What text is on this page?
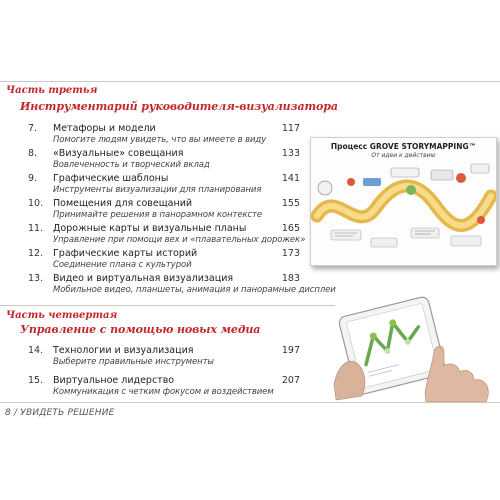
Часть третья
Инструментарий руководителя-визуализатора
7. Метафоры и модели
Помогите людям увидеть, что вы имеете в виду
117
8. «Визуальные» совещания
Вовлеченность и творческий вклад
133
9. Графические шаблоны
Инструменты визуализации для планирования
141
10. Помещения для совещаний
Принимайте решения в панорамном контексте
155
11. Дорожные карты и визуальные планы
Управление при помощи вех и «плавательных дорожек»
165
12. Графические карты историй
Соединение плана с культурой
173
13. Видео и виртуальная визуализация
Мобильное видео, планшеты, анимация и панорамные дисплеи
183
Часть четвертая
Управление с помощью новых медиа
14. Технологии и визуализация
Выберите правильные инструменты
197
15. Виртуальное лидерство
Коммуникация с четким фокусом и воздействием
207
8 / УВИДЕТЬ РЕШЕНИЕ
Процесс GROVE STORYMAPPING™
От идеи к действию
